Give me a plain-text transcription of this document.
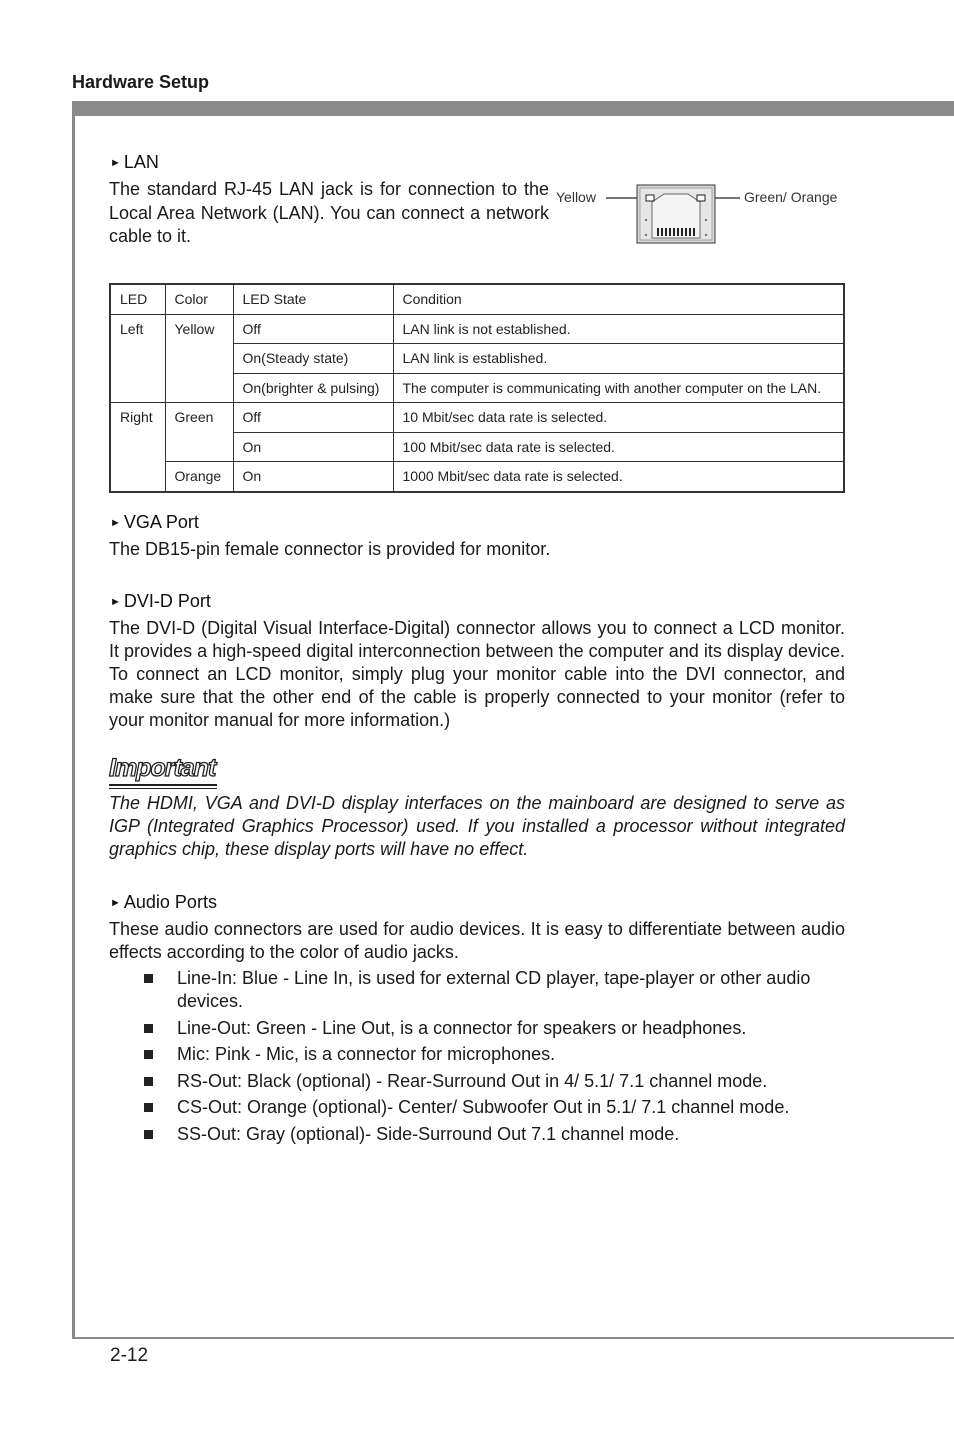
Hardware Setup
► LAN

The standard RJ-45 LAN jack is for connection to the Local Area Network (LAN). You can connect a network cable to it.

Yellow	Green/ Orange
LED	Color	LED State	Condition
Left	Yellow	Off	LAN link is not established.
		On(Steady state)	LAN link is established.
		On(brighter & pulsing)	The computer is communicating with another computer on the LAN.
Right	Green	Off	10 Mbit/sec data rate is selected.
		On	100 Mbit/sec data rate is selected.
	Orange	On	1000 Mbit/sec data rate is selected.
► VGA Port

The DB15-pin female connector is provided for monitor.

► DVI-D Port

The DVI-D (Digital Visual Interface-Digital) connector allows you to connect a LCD monitor. It provides a high-speed digital interconnection between the computer and its display device. To connect an LCD monitor, simply plug your monitor cable into the DVI connector, and make sure that the other end of the cable is properly connected to your monitor (refer to your monitor manual for more information.)

Important

The HDMI, VGA and DVI-D display interfaces on the mainboard are designed to serve as IGP (Integrated Graphics Processor) used. If you installed a processor without integrated graphics chip, these display ports will have no effect.

► Audio Ports

These audio connectors are used for audio devices. It is easy to differentiate between audio effects according to the color of audio jacks.

Line-In: Blue - Line In, is used for external CD player, tape-player or other audio devices.
Line-Out: Green - Line Out, is a connector for speakers or headphones.
Mic: Pink - Mic, is a connector for microphones.
RS-Out: Black (optional) - Rear-Surround Out in 4/ 5.1/ 7.1 channel mode.
CS-Out: Orange (optional)- Center/ Subwoofer Out in 5.1/ 7.1 channel mode.
SS-Out: Gray (optional)- Side-Surround Out 7.1 channel mode.
2-12
